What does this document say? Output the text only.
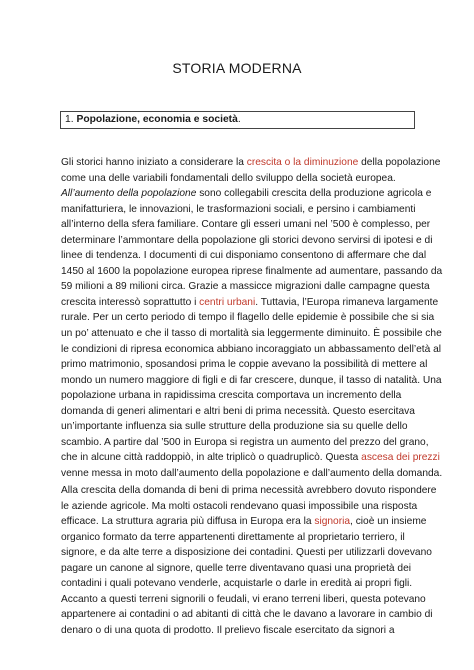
STORIA MODERNA
1. Popolazione, economia e società.

Gli storici hanno iniziato a considerare la crescita o la diminuzione della popolazione
come una delle variabili fondamentali dello sviluppo della società europea.
All’aumento della popolazione sono collegabili crescita della produzione agricola e
manifatturiera, le innovazioni, le trasformazioni sociali, e persino i cambiamenti
all’interno della sfera familiare. Contare gli esseri umani nel ’500 è complesso, per
determinare l’ammontare della popolazione gli storici devono servirsi di ipotesi e di
linee di tendenza. I documenti di cui disponiamo consentono di affermare che dal
1450 al 1600 la popolazione europea riprese finalmente ad aumentare, passando da
59 milioni a 89 milioni circa. Grazie a massicce migrazioni dalle campagne questa
crescita interessò soprattutto i centri urbani. Tuttavia, l’Europa rimaneva largamente
rurale. Per un certo periodo di tempo il flagello delle epidemie è possibile che si sia
un po’ attenuato e che il tasso di mortalità sia leggermente diminuito. È possibile che
le condizioni di ripresa economica abbiano incoraggiato un abbassamento dell’età al
primo matrimonio, sposandosi prima le coppie avevano la possibilità di mettere al
mondo un numero maggiore di figli e di far crescere, dunque, il tasso di natalità. Una
popolazione urbana in rapidissima crescita comportava un incremento della
domanda di generi alimentari e altri beni di prima necessità. Questo esercitava
un’importante influenza sia sulle strutture della produzione sia su quelle dello
scambio. A partire dal ’500 in Europa si registra un aumento del prezzo del grano,
che in alcune città raddoppiò, in alte triplicò o quadruplicò. Questa ascesa dei prezzi
venne messa in moto dall’aumento della popolazione e dall’aumento della domanda.

Alla crescita della domanda di beni di prima necessità avrebbero dovuto rispondere
le aziende agricole. Ma molti ostacoli rendevano quasi impossibile una risposta
efficace. La struttura agraria più diffusa in Europa era la signoria, cioè un insieme
organico formato da terre appartenenti direttamente al proprietario terriero, il
signore, e da alte terre a disposizione dei contadini. Questi per utilizzarli dovevano
pagare un canone al signore, quelle terre diventavano quasi una proprietà dei
contadini i quali potevano venderle, acquistarle o darle in eredità ai propri figli.
Accanto a questi terreni signorili o feudali, vi erano terreni liberi, questa potevano
appartenere ai contadini o ad abitanti di città che le davano a lavorare in cambio di
denaro o di una quota di prodotto. Il prelievo fiscale esercitato da signori a
